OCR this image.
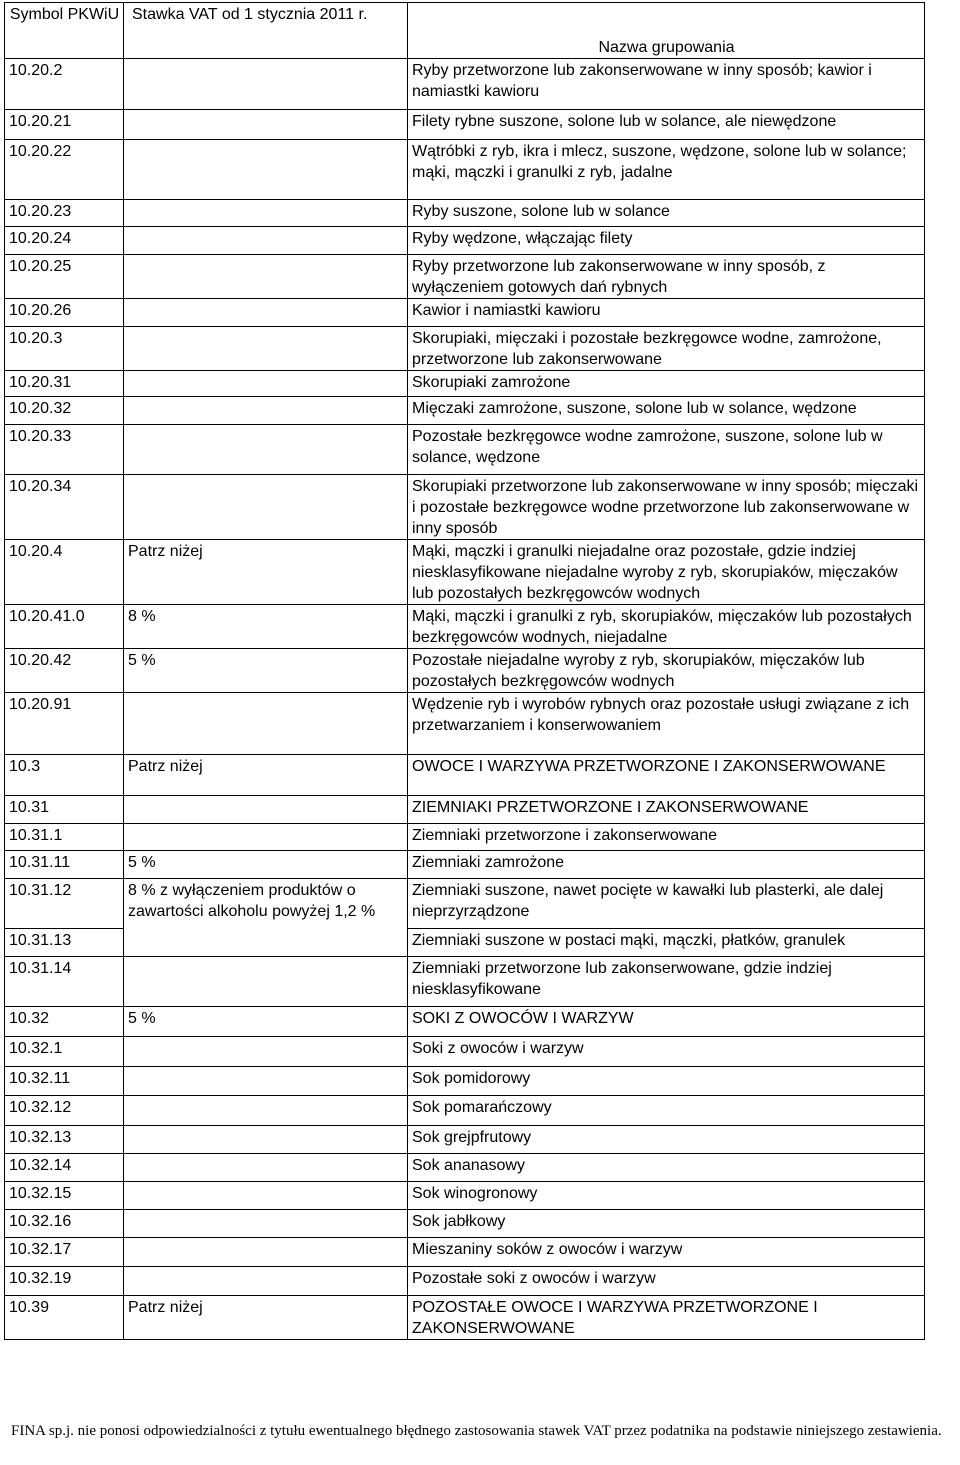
Symbol PKWiU	Stawka VAT od 1 stycznia 2011 r.	Nazwa grupowania
10.20.2		Ryby przetworzone lub zakonserwowane w inny sposób; kawior i namiastki kawioru
10.20.21		Filety rybne suszone, solone lub w solance, ale niewędzone
10.20.22		Wątróbki z ryb, ikra i mlecz, suszone, wędzone, solone lub w solance; mąki, mączki i granulki z ryb, jadalne
10.20.23		Ryby suszone, solone lub w solance
10.20.24		Ryby wędzone, włączając filety
10.20.25		Ryby przetworzone lub zakonserwowane w inny sposób, z wyłączeniem gotowych dań rybnych
10.20.26		Kawior i namiastki kawioru
10.20.3		Skorupiaki, mięczaki i pozostałe bezkręgowce wodne, zamrożone, przetworzone lub zakonserwowane
10.20.31		Skorupiaki zamrożone
10.20.32		Mięczaki zamrożone, suszone, solone lub w solance, wędzone
10.20.33		Pozostałe bezkręgowce wodne zamrożone, suszone, solone lub w solance, wędzone
10.20.34		Skorupiaki przetworzone lub zakonserwowane w inny sposób; mięczaki i pozostałe bezkręgowce wodne przetworzone lub zakonserwowane w inny sposób
10.20.4	Patrz niżej	Mąki, mączki i granulki niejadalne oraz pozostałe, gdzie indziej niesklasyfikowane niejadalne wyroby z ryb, skorupiaków, mięczaków lub pozostałych bezkręgowców wodnych
10.20.41.0	8 %	Mąki, mączki i granulki z ryb, skorupiaków, mięczaków lub pozostałych bezkręgowców wodnych, niejadalne
10.20.42	5 %	Pozostałe niejadalne wyroby z ryb, skorupiaków, mięczaków lub pozostałych bezkręgowców wodnych
10.20.91		Wędzenie ryb i wyrobów rybnych oraz pozostałe usługi związane z ich przetwarzaniem i konserwowaniem
10.3	Patrz niżej	OWOCE I WARZYWA PRZETWORZONE I ZAKONSERWOWANE
10.31		ZIEMNIAKI PRZETWORZONE I ZAKONSERWOWANE
10.31.1		Ziemniaki przetworzone i zakonserwowane
10.31.11	5 %	Ziemniaki zamrożone
10.31.12	8 % z wyłączeniem produktów o zawartości alkoholu powyżej 1,2 %	Ziemniaki suszone, nawet pocięte w kawałki lub plasterki, ale dalej nieprzyrządzone
10.31.13		Ziemniaki suszone w postaci mąki, mączki, płatków, granulek
10.31.14		Ziemniaki przetworzone lub zakonserwowane, gdzie indziej niesklasyfikowane
10.32	5 %	SOKI Z OWOCÓW I WARZYW
10.32.1		Soki z owoców i warzyw
10.32.11		Sok pomidorowy
10.32.12		Sok pomarańczowy
10.32.13		Sok grejpfrutowy
10.32.14		Sok ananasowy
10.32.15		Sok winogronowy
10.32.16		Sok jabłkowy
10.32.17		Mieszaniny soków z owoców i warzyw
10.32.19		Pozostałe soki z owoców i warzyw
10.39	Patrz niżej	POZOSTAŁE OWOCE I WARZYWA PRZETWORZONE I ZAKONSERWOWANE
FINA sp.j. nie ponosi odpowiedzialności z tytułu ewentualnego błędnego zastosowania stawek VAT przez podatnika na podstawie niniejszego zestawienia.
